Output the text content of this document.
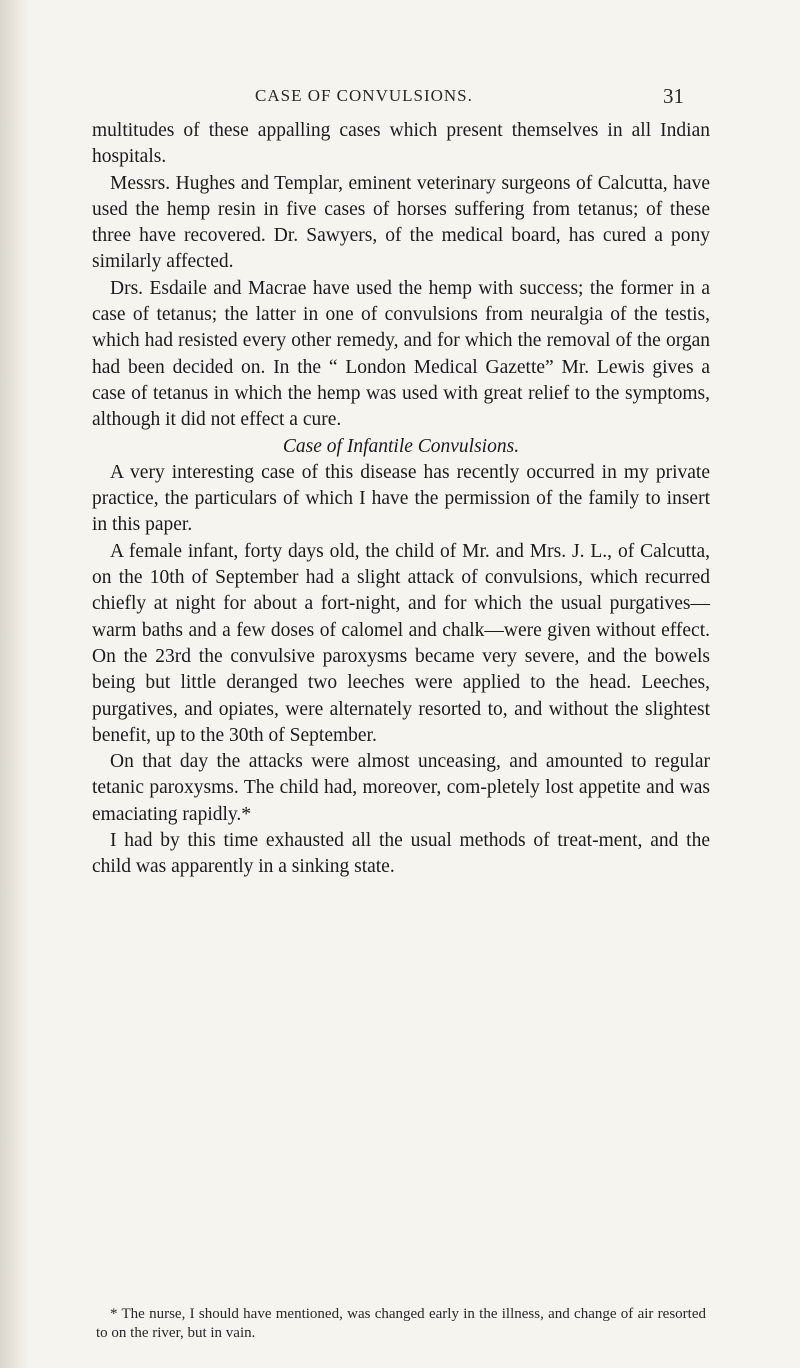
CASE OF CONVULSIONS.	31

multitudes of these appalling cases which present themselves in all Indian hospitals.

Messrs. Hughes and Templar, eminent veterinary surgeons of Calcutta, have used the hemp resin in five cases of horses suffering from tetanus; of these three have recovered. Dr. Sawyers, of the medical board, has cured a pony similarly affected.

Drs. Esdaile and Macrae have used the hemp with success; the former in a case of tetanus; the latter in one of convulsions from neuralgia of the testis, which had resisted every other remedy, and for which the removal of the organ had been decided on. In the “ London Medical Gazette” Mr. Lewis gives a case of tetanus in which the hemp was used with great relief to the symptoms, although it did not effect a cure.

Case of Infantile Convulsions.

A very interesting case of this disease has recently occurred in my private practice, the particulars of which I have the permission of the family to insert in this paper.

A female infant, forty days old, the child of Mr. and Mrs. J. L., of Calcutta, on the 10th of September had a slight attack of convulsions, which recurred chiefly at night for about a fort-night, and for which the usual purgatives—warm baths and a few doses of calomel and chalk—were given without effect. On the 23rd the convulsive paroxysms became very severe, and the bowels being but little deranged two leeches were applied to the head. Leeches, purgatives, and opiates, were alternately resorted to, and without the slightest benefit, up to the 30th of September.

On that day the attacks were almost unceasing, and amounted to regular tetanic paroxysms. The child had, moreover, com-pletely lost appetite and was emaciating rapidly.*

I had by this time exhausted all the usual methods of treat-ment, and the child was apparently in a sinking state.

* The nurse, I should have mentioned, was changed early in the illness, and change of air resorted to on the river, but in vain.
